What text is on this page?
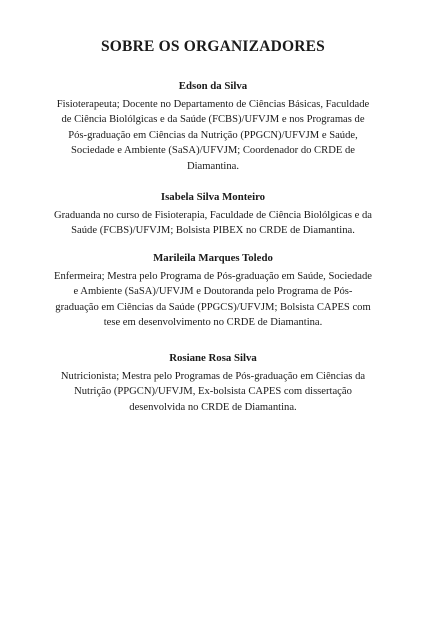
SOBRE OS ORGANIZADORES
Edson da Silva
Fisioterapeuta; Docente no Departamento de Ciências Básicas, Faculdade de Ciência Biolólgicas e da Saúde (FCBS)/UFVJM e nos Programas de Pós-graduação em Ciências da Nutrição (PPGCN)/UFVJM e Saúde, Sociedade e Ambiente (SaSA)/UFVJM; Coordenador do CRDE de Diamantina.
Isabela Silva Monteiro
Graduanda no curso de Fisioterapia, Faculdade de Ciência Biolólgicas e da Saúde (FCBS)/UFVJM; Bolsista PIBEX no CRDE de Diamantina.
Marileila Marques Toledo
Enfermeira; Mestra pelo Programa de Pós-graduação em Saúde, Sociedade e Ambiente (SaSA)/UFVJM e Doutoranda pelo Programa de Pós-graduação em Ciências da Saúde (PPGCS)/UFVJM; Bolsista CAPES com tese em desenvolvimento no CRDE de Diamantina.
Rosiane Rosa Silva
Nutricionista; Mestra pelo Programas de Pós-graduação em Ciências da Nutrição (PPGCN)/UFVJM, Ex-bolsista CAPES com dissertação desenvolvida no CRDE de Diamantina.
